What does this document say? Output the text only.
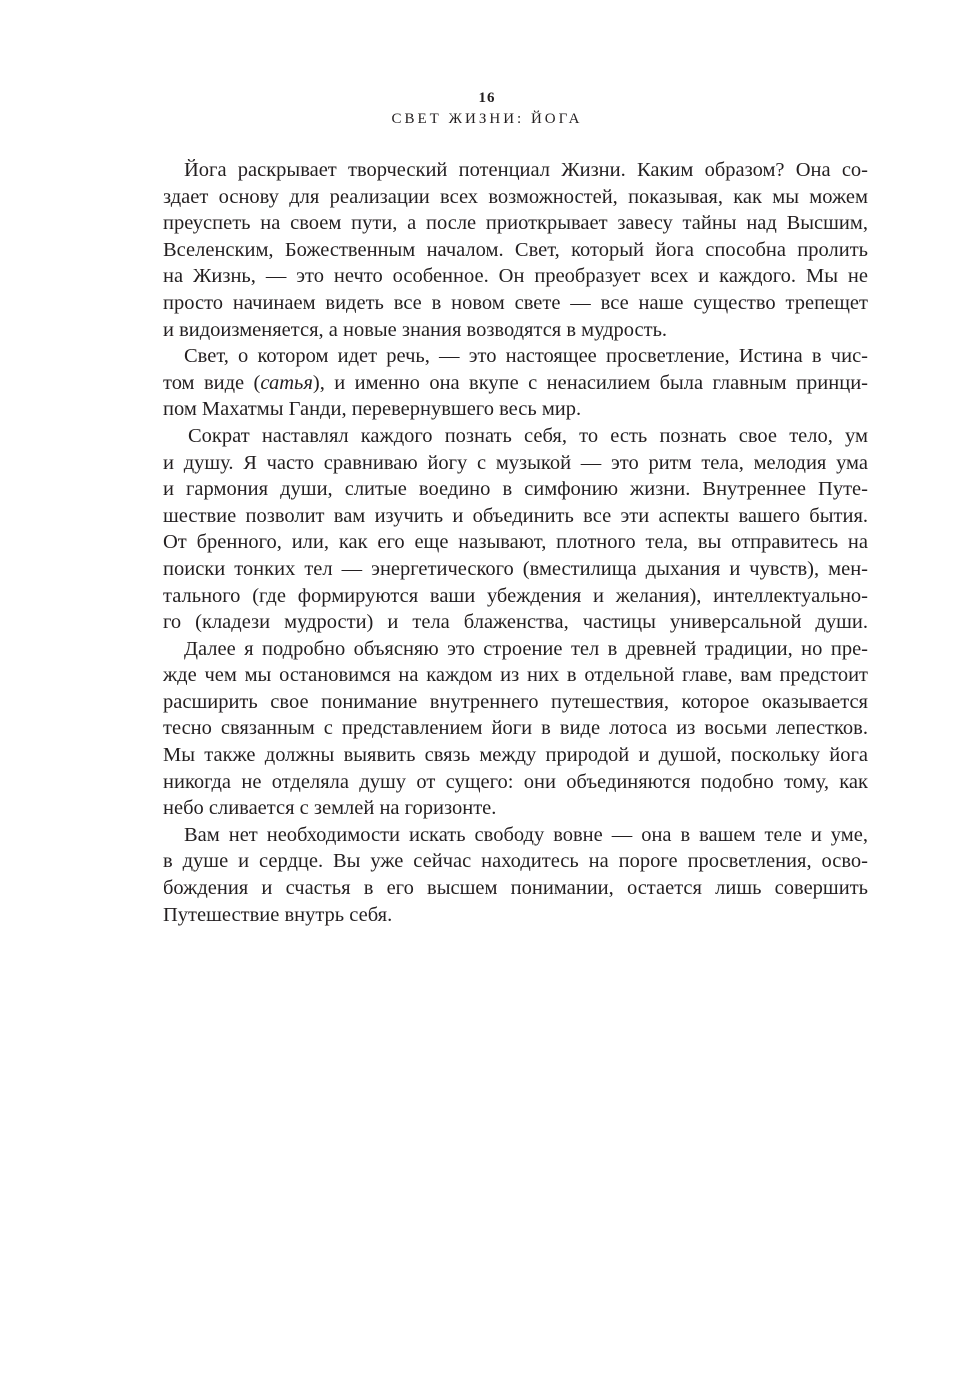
16
СВЕТ ЖИЗНИ: ЙОГА
Йога раскрывает творческий потенциал Жизни. Каким образом? Она со-
здает основу для реализации всех возможностей, показывая, как мы можем
преуспеть на своем пути, а после приоткрывает завесу тайны над Высшим,
Вселенским, Божественным началом. Свет, который йога способна пролить
на Жизнь, — это нечто особенное. Он преобразует всех и каждого. Мы не
просто начинаем видеть все в новом свете — все наше существо трепещет
и видоизменяется, а новые знания возводятся в мудрость.
Свет, о котором идет речь, — это настоящее просветление, Истина в чис-
том виде (сатья), и именно она вкупе с ненасилием была главным принци-
пом Махатмы Ганди, перевернувшего весь мир.
Сократ наставлял каждого познать себя, то есть познать свое тело, ум
и душу. Я часто сравниваю йогу с музыкой — это ритм тела, мелодия ума
и гармония души, слитые воедино в симфонию жизни. Внутреннее Путе-
шествие позволит вам изучить и объединить все эти аспекты вашего бытия.
От бренного, или, как его еще называют, плотного тела, вы отправитесь на
поиски тонких тел — энергетического (вместилища дыхания и чувств), мен-
тального (где формируются ваши убеждения и желания), интеллектуально-
го (кладези мудрости) и тела блаженства, частицы универсальной души.
Далее я подробно объясняю это строение тел в древней традиции, но пре-
жде чем мы остановимся на каждом из них в отдельной главе, вам предстоит
расширить свое понимание внутреннего путешествия, которое оказывается
тесно связанным с представлением йоги в виде лотоса из восьми лепестков.
Мы также должны выявить связь между природой и душой, поскольку йога
никогда не отделяла душу от сущего: они объединяются подобно тому, как
небо сливается с землей на горизонте.
Вам нет необходимости искать свободу вовне — она в вашем теле и уме,
в душе и сердце. Вы уже сейчас находитесь на пороге просветления, осво-
бождения и счастья в его высшем понимании, остается лишь совершить
Путешествие внутрь себя.
